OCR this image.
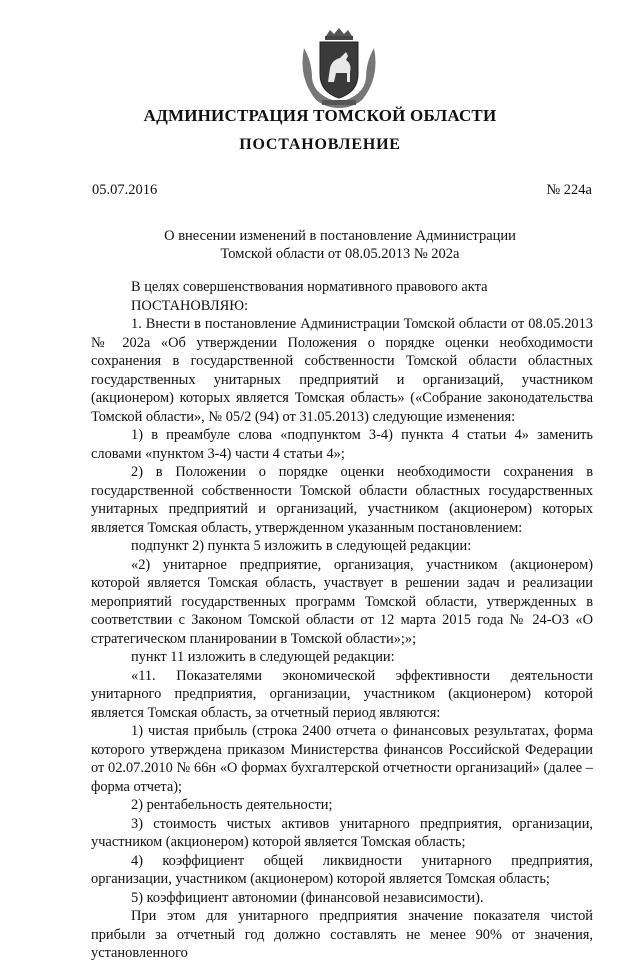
АДМИНИСТРАЦИЯ ТОМСКОЙ ОБЛАСТИ
ПОСТАНОВЛЕНИЕ
05.07.2016	№ 224а
О внесении изменений в постановление Администрации
Томской области от 08.05.2013 № 202а

В целях совершенствования нормативного правового акта

ПОСТАНОВЛЯЮ:

1. Внести в постановление Администрации Томской области от 08.05.2013 № 202а «Об утверждении Положения о порядке оценки необходимости сохранения в государственной собственности Томской области областных государственных унитарных предприятий и организаций, участником (акционером) которых является Томская область» («Собрание законодательства Томской области», № 05/2 (94) от 31.05.2013) следующие изменения:

1) в преамбуле слова «подпунктом 3-4) пункта 4 статьи 4» заменить словами «пунктом 3-4) части 4 статьи 4»;

2) в Положении о порядке оценки необходимости сохранения в государственной собственности Томской области областных государственных унитарных предприятий и организаций, участником (акционером) которых является Томская область, утвержденном указанным постановлением:

подпункт 2) пункта 5 изложить в следующей редакции:

«2) унитарное предприятие, организация, участником (акционером) которой является Томская область, участвует в решении задач и реализации мероприятий государственных программ Томской области, утвержденных в соответствии с Законом Томской области от 12 марта 2015 года № 24-ОЗ «О стратегическом планировании в Томской области»;»;

пункт 11 изложить в следующей редакции:

«11. Показателями экономической эффективности деятельности унитарного предприятия, организации, участником (акционером) которой является Томская область, за отчетный период являются:

1) чистая прибыль (строка 2400 отчета о финансовых результатах, форма которого утверждена приказом Министерства финансов Российской Федерации от 02.07.2010 № 66н «О формах бухгалтерской отчетности организаций» (далее – форма отчета);

2) рентабельность деятельности;

3) стоимость чистых активов унитарного предприятия, организации, участником (акционером) которой является Томская область;

4) коэффициент общей ликвидности унитарного предприятия, организации, участником (акционером) которой является Томская область;

5) коэффициент автономии (финансовой независимости).

При этом для унитарного предприятия значение показателя чистой прибыли за отчетный год должно составлять не менее 90% от значения, установленного
